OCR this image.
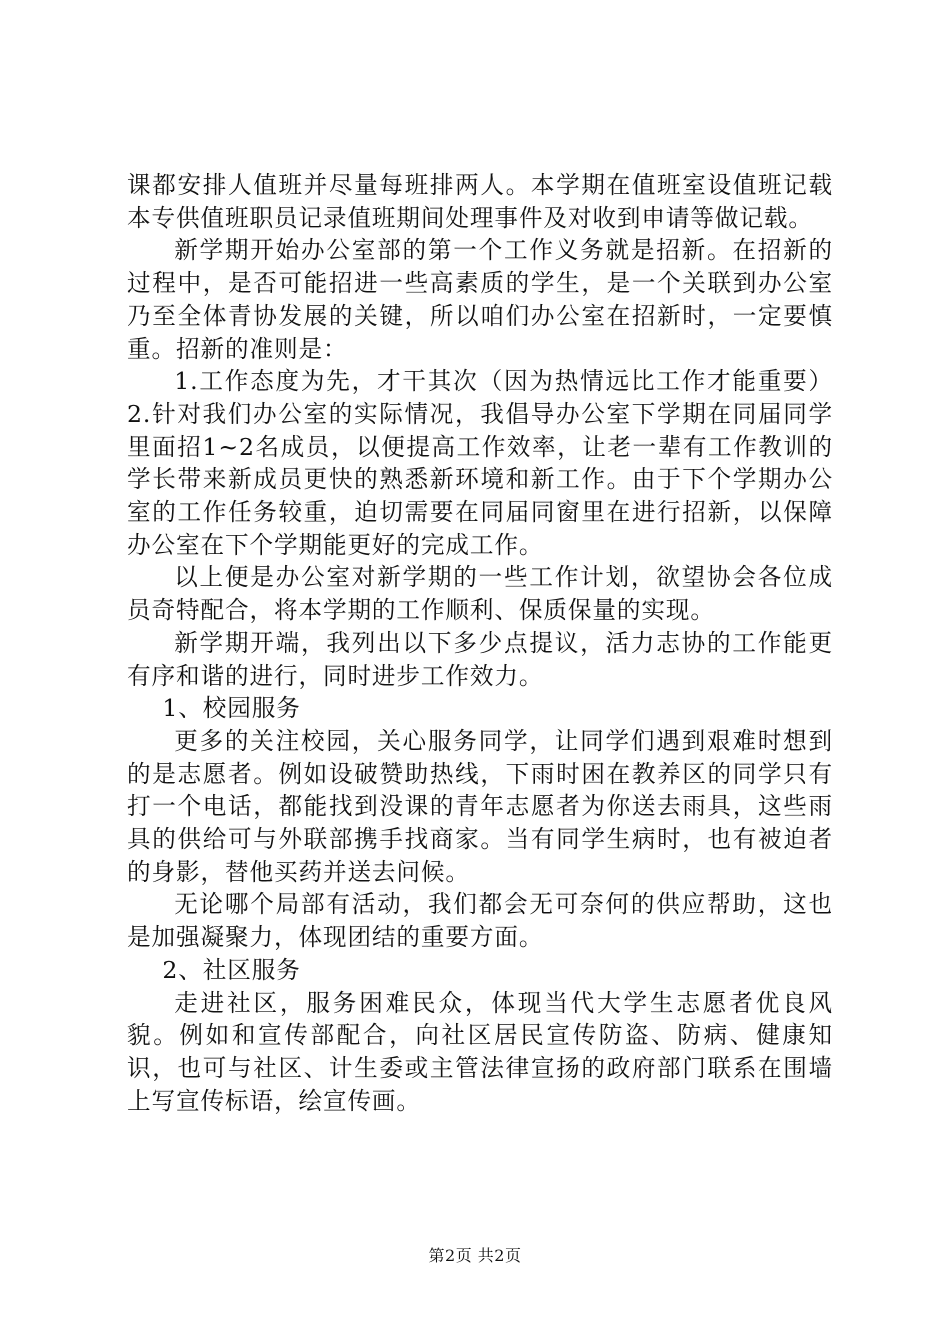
课都安排人值班并尽量每班排两人。本学期在值班室设值班记载本专供值班职员记录值班期间处理事件及对收到申请等做记载。

新学期开始办公室部的第一个工作义务就是招新。在招新的过程中，是否可能招进一些高素质的学生，是一个关联到办公室乃至全体青协发展的关键，所以咱们办公室在招新时，一定要慎重。招新的准则是：

1.工作态度为先，才干其次（因为热情远比工作才能重要）2.针对我们办公室的实际情况，我倡导办公室下学期在同届同学里面招1~2名成员，以便提高工作效率，让老一辈有工作教训的学长带来新成员更快的熟悉新环境和新工作。由于下个学期办公室的工作任务较重，迫切需要在同届同窗里在进行招新，以保障办公室在下个学期能更好的完成工作。

以上便是办公室对新学期的一些工作计划，欲望协会各位成员奇特配合，将本学期的工作顺利、保质保量的实现。

新学期开端，我列出以下多少点提议，活力志协的工作能更有序和谐的进行，同时进步工作效力。

1、校园服务

更多的关注校园，关心服务同学，让同学们遇到艰难时想到的是志愿者。例如设破赞助热线，下雨时困在教养区的同学只有打一个电话，都能找到没课的青年志愿者为你送去雨具，这些雨具的供给可与外联部携手找商家。当有同学生病时，也有被迫者的身影，替他买药并送去问候。

无论哪个局部有活动，我们都会无可奈何的供应帮助，这也是加强凝聚力，体现团结的重要方面。

2、社区服务

走进社区，服务困难民众，体现当代大学生志愿者优良风貌。例如和宣传部配合，向社区居民宣传防盗、防病、健康知识，也可与社区、计生委或主管法律宣扬的政府部门联系在围墙上写宣传标语，绘宣传画。

第2页 共2页
